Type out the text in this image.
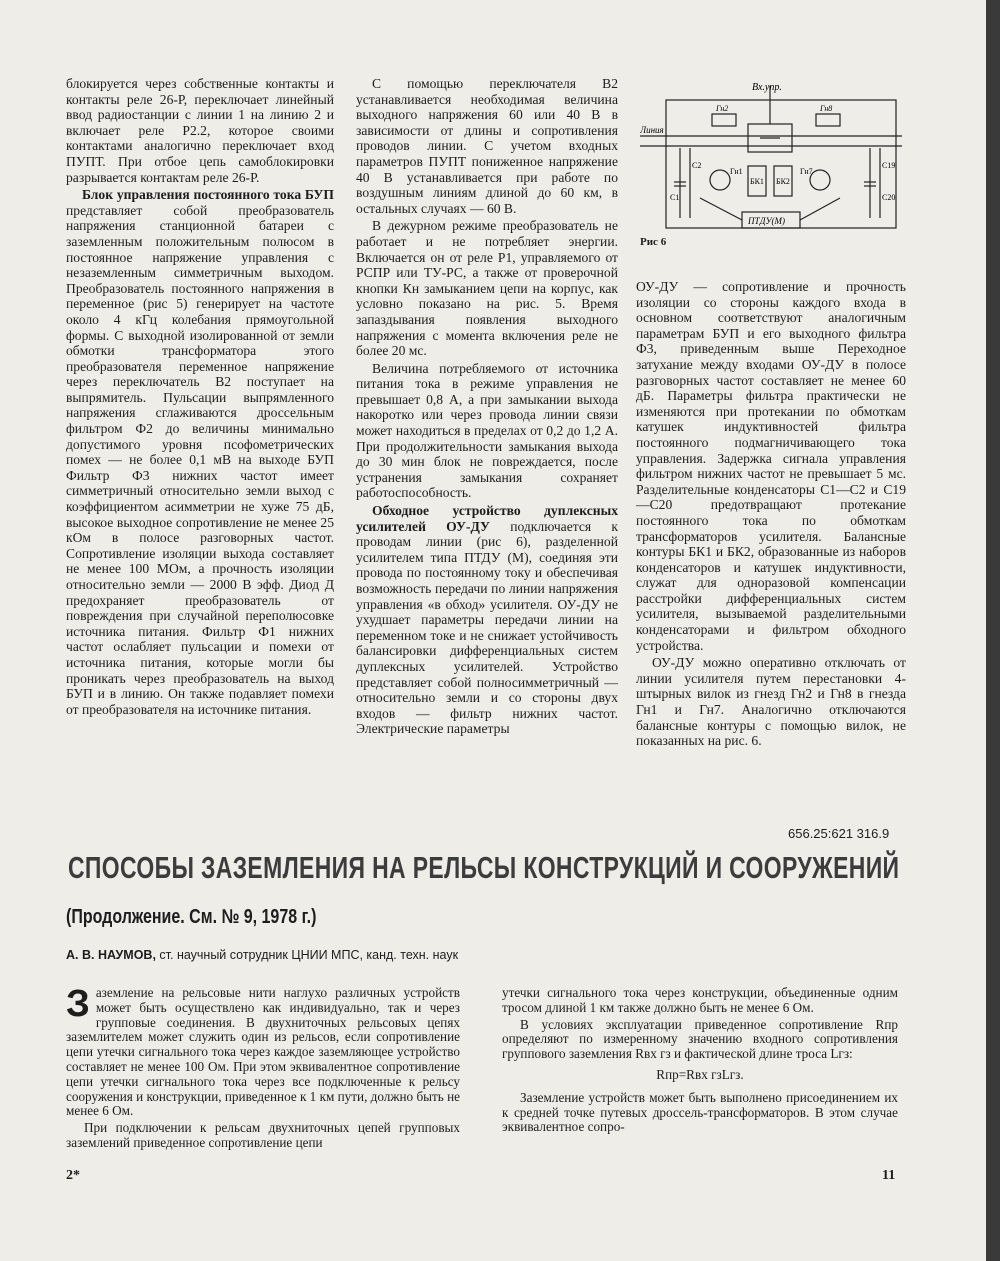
блокируется через собственные контакты и контакты реле 26-Р, переключает линейный ввод радиостанции с линии 1 на линию 2 и включает реле Р2.2, которое своими контактами аналогично переключает вход ПУПТ. При отбое цепь самоблокировки разрывается контактам реле 26-Р.

Блок управления постоянного тока БУП представляет собой преобразователь напряжения станционной батареи с заземленным положительным полюсом в постоянное напряжение управления с незаземленным симметричным выходом. Преобразователь постоянного напряжения в переменное (рис 5) генерирует на частоте около 4 кГц колебания прямоугольной формы. С выходной изолированной от земли обмотки трансформатора этого преобразователя переменное напряжение через переключатель В2 поступает на выпрямитель. Пульсации выпрямленного напряжения сглаживаются дроссельным фильтром Ф2 до величины минимально допустимого уровня псофометрических помех — не более 0,1 мВ на выходе БУП Фильтр Ф3 нижних частот имеет симметричный относительно земли выход с коэффициентом асимметрии не хуже 75 дБ, высокое выходное сопротивление не менее 25 кОм в полосе разговорных частот. Сопротивление изоляции выхода составляет не менее 100 МОм, а прочность изоляции относительно земли — 2000 В эфф. Диод Д предохраняет преобразователь от повреждения при случайной переполюсовке источника питания. Фильтр Ф1 нижних частот ослабляет пульсации и помехи от источника питания, которые могли бы проникать через преобразователь на выход БУП и в линию. Он также подавляет помехи от преобразователя на источнике питания.

С помощью переключателя В2 устанавливается необходимая величина выходного напряжения 60 или 40 В в зависимости от длины и сопротивления проводов линии. С учетом входных параметров ПУПТ пониженное напряжение 40 В устанавливается при работе по воздушным линиям длиной до 60 км, в остальных случаях — 60 В.

В дежурном режиме преобразователь не работает и не потребляет энергии. Включается он от реле Р1, управляемого от РСПР или ТУ-РС, а также от проверочной кнопки Кн замыканием цепи на корпус, как условно показано на рис. 5. Время запаздывания появления выходного напряжения с момента включения реле не более 20 мс.

Величина потребляемого от источника питания тока в режиме управления не превышает 0,8 А, а при замыкании выхода накоротко или через провода линии связи может находиться в пределах от 0,2 до 1,2 А. При продолжительности замыкания выхода до 30 мин блок не повреждается, после устранения замыкания сохраняет работоспособность.

Обходное устройство дуплексных усилителей ОУ-ДУ подключается к проводам линии (рис 6), разделенной усилителем типа ПТДУ (М), соединяя эти провода по постоянному току и обеспечивая возможность передачи по линии напряжения управления «в обход» усилителя. ОУ-ДУ не ухудшает параметры передачи линии на переменном токе и не снижает устойчивость балансировки дифференциальных систем дуплексных усилителей. Устройство представляет собой полносимметричный — относительно земли и со стороны двух входов — фильтр нижних частот. Электрические параметры

Вх.упр.
Линия
Гн2	Гн8
С2
С1
Гн1
БК1 БК2
Гн7
С19
С20
ПТДУ(М)
Рис 6

ОУ-ДУ — сопротивление и прочность изоляции со стороны каждого входа в основном соответствуют аналогичным параметрам БУП и его выходного фильтра Ф3, приведенным выше Переходное затухание между входами ОУ-ДУ в полосе разговорных частот составляет не менее 60 дБ. Параметры фильтра практически не изменяются при протекании по обмоткам катушек индуктивностей фильтра постоянного подмагничивающего тока управления. Задержка сигнала управления фильтром нижних частот не превышает 5 мс. Разделительные конденсаторы С1—С2 и С19—С20 предотвращают протекание постоянного тока по обмоткам трансформаторов усилителя. Балансные контуры БК1 и БК2, образованные из наборов конденсаторов и катушек индуктивности, служат для одноразовой компенсации расстройки дифференциальных систем усилителя, вызываемой разделительными конденсаторами и фильтром обходного устройства.

ОУ-ДУ можно оперативно отключать от линии усилителя путем перестановки 4-штырных вилок из гнезд Гн2 и Гн8 в гнезда Гн1 и Гн7. Аналогично отключаются балансные контуры с помощью вилок, не показанных на рис. 6.

656.25:621 316.9
СПОСОБЫ ЗАЗЕМЛЕНИЯ НА РЕЛЬСЫ КОНСТРУКЦИЙ И СООРУЖЕНИЙ
(Продолжение. См. № 9, 1978 г.)
А. В. НАУМОВ, ст. научный сотрудник ЦНИИ МПС, канд. техн. наук

Заземление на рельсовые нити наглухо различных устройств может быть осуществлено как индивидуально, так и через групповые соединения. В двухниточных рельсовых цепях заземлителем может служить один из рельсов, если сопротивление цепи утечки сигнального тока через каждое заземляющее устройство составляет не менее 100 Ом. При этом эквивалентное сопротивление цепи утечки сигнального тока через все подключенные к рельсу сооружения и конструкции, приведенное к 1 км пути, должно быть не менее 6 Ом.

При подключении к рельсам двухниточных цепей групповых заземлений приведенное сопротивление цепи

утечки сигнального тока через конструкции, объединенные одним тросом длиной 1 км также должно быть не менее 6 Ом.

В условиях эксплуатации приведенное сопротивление Rпр определяют по измеренному значению входного сопротивления группового заземления Rвх гз и фактической длине троса Lгз:

Rпр=Rвх гзLгз.

Заземление устройств может быть выполнено присоединением их к средней точке путевых дроссель-трансформаторов. В этом случае эквивалентное сопро-

2*	11
